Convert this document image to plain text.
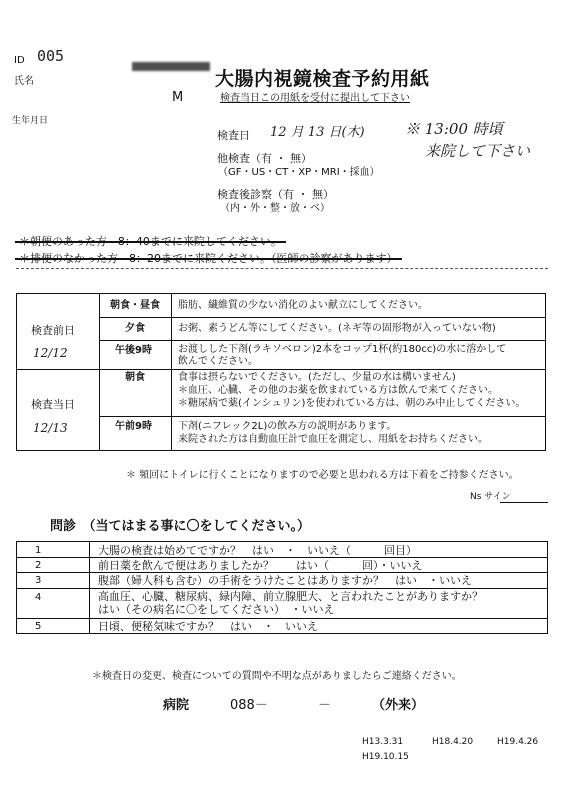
ID 005
氏名
M
生年月日
大腸内視鏡検査予約用紙
検査当日この用紙を受付に提出して下さい
検査日 12 月 13 日(木)	※ 13:00 時頃
来院して下さい
他検査（有 ・ 無）
（GF・US・CT・XP・MRI・採血）
検査後診察（有 ・ 無）
（内・外・整・放・ベ）
検査前日
12/12
検査当日
12/13
朝食・昼食 脂肪、繊維質の少ない消化のよい献立にしてください。
夕食	お粥、素うどん等にしてください。(ネギ等の固形物が入っていない物)
午後9時	お渡しした下剤(ラキソベロン)2本をコップ1杯(約180cc)の水に溶かして
飲んでください。
朝食	食事は摂らないでください。(ただし、少量の水は構いません)
＊血圧、心臓、その他のお薬を飲まれている方は飲んで来てください。
＊糖尿病で薬(インシュリン)を使われている方は、朝のみ中止してください。
午前9時	下剤(ニフレック2L)の飲み方の説明があります。
来院された方は自動血圧計で血圧を測定し、用紙をお持ちください。
＊ 頻回にトイレに行くことになりますので必要と思われる方は下着をご持参ください。
Ns サイン
問診　（当てはまる事に〇をしてください。）
1	大腸の検査は始めてですか？　はい　・　いいえ（　　　回目）
2	前日薬を飲んで便はありましたか？　　はい（　　　回）・いいえ
3	腹部（婦人科も含む）の手術をうけたことはありますか？　はい　・いいえ
4	高血圧、心臓、糖尿病、緑内障、前立腺肥大、と言われたことがありますか？
はい（その病名に〇をしてください）　・いいえ
5	日頃、便秘気味ですか？　はい　・　いいえ
＊検査日の変更、検査についての質問や不明な点がありましたらご連絡ください。
病院	088－	－	（外来）
H13.3.31	H18.4.20	H19.4.26
H19.10.15
